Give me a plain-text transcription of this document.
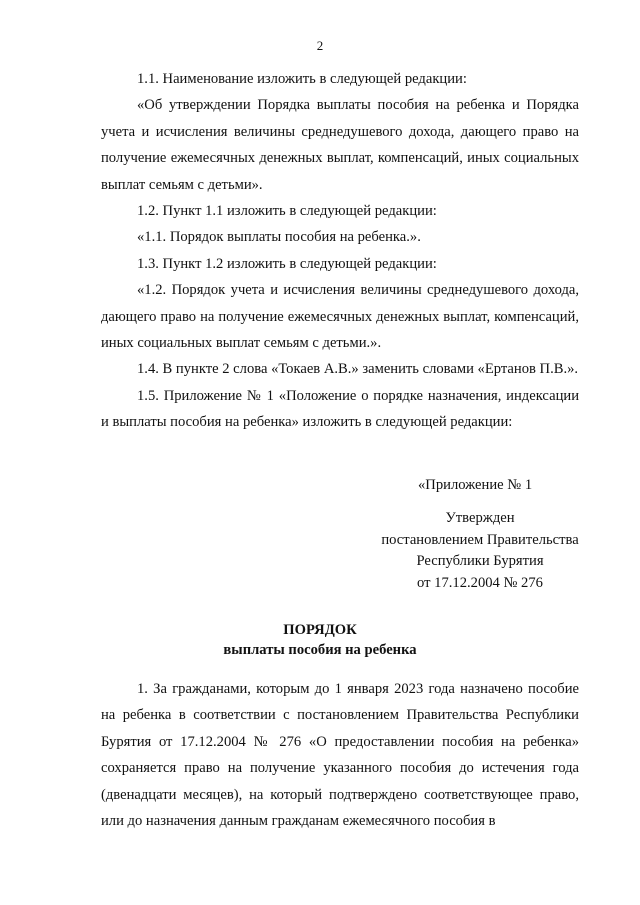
2

1.1. Наименование изложить в следующей редакции:

«Об утверждении Порядка выплаты пособия на ребенка и Порядка учета и исчисления величины среднедушевого дохода, дающего право на получение ежемесячных денежных выплат, компенсаций, иных социальных выплат семьям с детьми».

1.2. Пункт 1.1 изложить в следующей редакции:

«1.1. Порядок выплаты пособия на ребенка.».

1.3. Пункт 1.2 изложить в следующей редакции:

«1.2. Порядок учета и исчисления величины среднедушевого дохода, дающего право на получение ежемесячных денежных выплат, компенсаций, иных социальных выплат семьям с детьми.».

1.4. В пункте 2 слова «Токаев А.В.» заменить словами «Ертанов П.В.».

1.5. Приложение № 1 «Положение о порядке назначения, индексации и выплаты пособия на ребенка» изложить в следующей редакции:

«Приложение № 1
Утвержден
постановлением Правительства
Республики Бурятия
от 17.12.2004 № 276
ПОРЯДОК
выплаты пособия на ребенка

1. За гражданами, которым до 1 января 2023 года назначено пособие на ребенка в соответствии с постановлением Правительства Республики Бурятия от 17.12.2004 № 276 «О предоставлении пособия на ребенка» сохраняется право на получение указанного пособия до истечения года (двенадцати месяцев), на который подтверждено соответствующее право, или до назначения данным гражданам ежемесячного пособия в
